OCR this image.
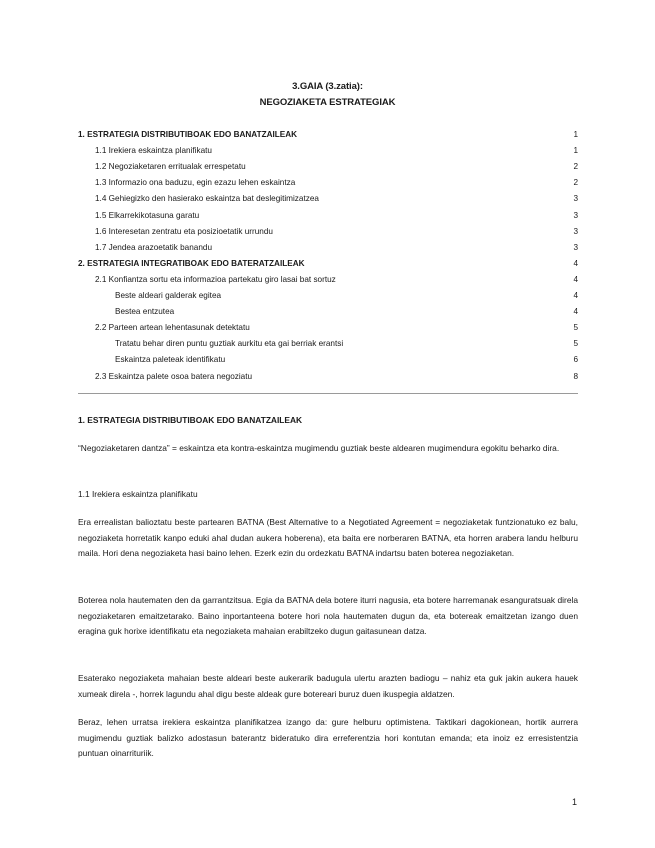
3.GAIA (3.zatia):
NEGOZIAKETA ESTRATEGIAK
1. ESTRATEGIA DISTRIBUTIBOAK EDO BANATZAILEAK	1
1.1 Irekiera eskaintza planifikatu	1
1.2 Negoziaketaren erritualak errespetatu	2
1.3 Informazio ona baduzu, egin ezazu lehen eskaintza	2
1.4 Gehiegizko den hasierako eskaintza bat deslegitimizatzea	3
1.5 Elkarrekikotasuna garatu	3
1.6 Interesetan zentratu eta posizioetatik urrundu	3
1.7 Jendea arazoetatik banandu	3
2. ESTRATEGIA INTEGRATIBOAK EDO BATERATZAILEAK	4
2.1 Konfiantza sortu eta informazioa partekatu giro lasai bat sortuz	4
Beste aldeari galderak egitea	4
Bestea entzutea	4
2.2 Parteen artean lehentasunak detektatu	5
Tratatu behar diren puntu guztiak aurkitu eta gai berriak erantsi	5
Eskaintza paleteak identifikatu	6
2.3 Eskaintza palete osoa batera negoziatu	8
1. ESTRATEGIA DISTRIBUTIBOAK EDO BANATZAILEAK
“Negoziaketaren dantza” = eskaintza eta kontra-eskaintza mugimendu guztiak beste aldearen mugimendura egokitu beharko dira.
1.1 Irekiera eskaintza planifikatu
Era errealistan balioztatu beste partearen BATNA (Best Alternative to a Negotiated Agreement = negoziaketak funtzionatuko ez balu, negoziaketa horretatik kanpo eduki ahal dudan aukera hoberena), eta baita ere norberaren BATNA, eta horren arabera landu helburu maila. Hori dena negoziaketa hasi baino lehen. Ezerk ezin du ordezkatu BATNA indartsu baten boterea negoziaketan.
Boterea nola hautematen den da garrantzitsua. Egia da BATNA dela botere iturri nagusia, eta botere harremanak esanguratsuak direla negoziaketaren emaitzetarako. Baino inportanteena botere hori nola hautematen dugun da, eta botereak emaitzetan izango duen eragina guk horixe identifikatu eta negoziaketa mahaian erabiltzeko dugun gaitasunean datza.
Esaterako negoziaketa mahaian beste aldeari beste aukerarik badugula ulertu arazten badiogu – nahiz eta guk jakin aukera hauek xumeak direla -, horrek lagundu ahal digu beste aldeak gure botereari buruz duen ikuspegia aldatzen.
Beraz, lehen urratsa irekiera eskaintza planifikatzea izango da: gure helburu optimistena. Taktikari dagokionean, hortik aurrera mugimendu guztiak balizko adostasun baterantz bideratuko dira erreferentzia hori kontutan emanda; eta inoiz ez erresistentzia puntuan oinarrituriik.
1
